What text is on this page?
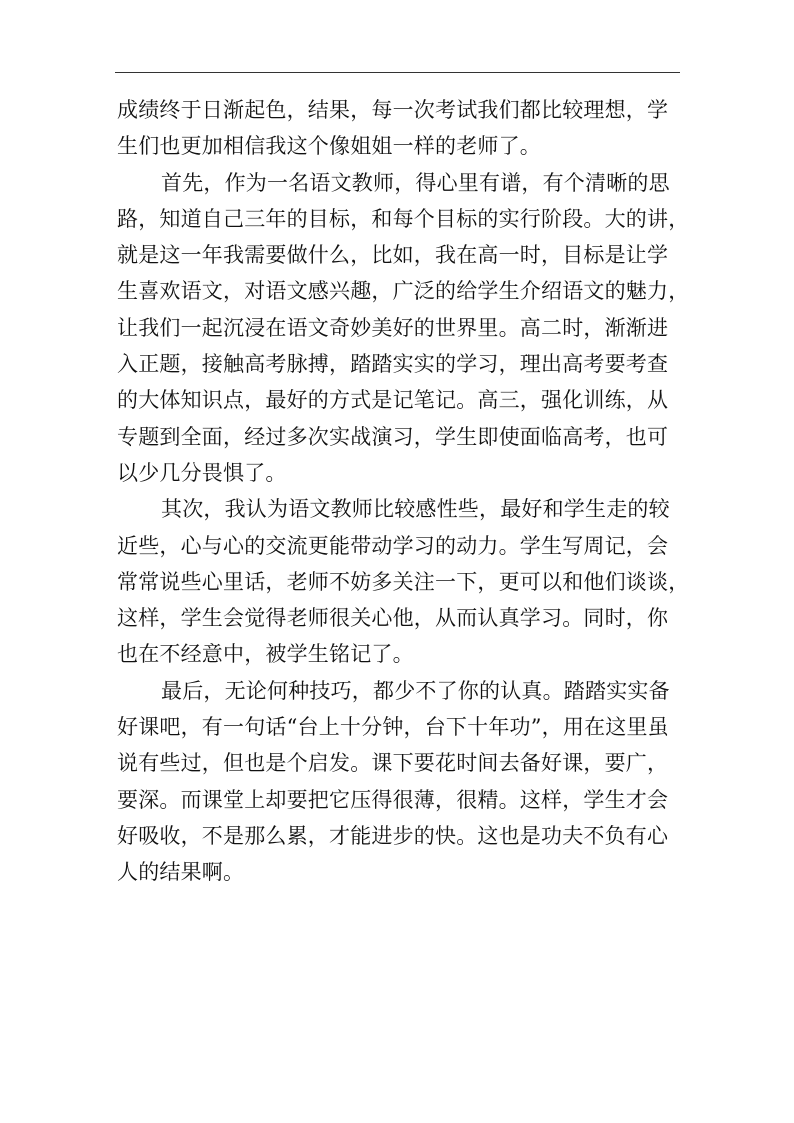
成绩终于日渐起色，结果，每一次考试我们都比较理想，学
生们也更加相信我这个像姐姐一样的老师了。
首先，作为一名语文教师，得心里有谱，有个清晰的思
路，知道自己三年的目标，和每个目标的实行阶段。大的讲，
就是这一年我需要做什么，比如，我在高一时，目标是让学
生喜欢语文，对语文感兴趣，广泛的给学生介绍语文的魅力，
让我们一起沉浸在语文奇妙美好的世界里。高二时，渐渐进
入正题，接触高考脉搏，踏踏实实的学习，理出高考要考查
的大体知识点，最好的方式是记笔记。高三，强化训练，从
专题到全面，经过多次实战演习，学生即使面临高考，也可
以少几分畏惧了。
其次，我认为语文教师比较感性些，最好和学生走的较
近些，心与心的交流更能带动学习的动力。学生写周记，会
常常说些心里话，老师不妨多关注一下，更可以和他们谈谈，
这样，学生会觉得老师很关心他，从而认真学习。同时，你
也在不经意中，被学生铭记了。
最后，无论何种技巧，都少不了你的认真。踏踏实实备
好课吧，有一句话“台上十分钟，台下十年功”，用在这里虽
说有些过，但也是个启发。课下要花时间去备好课，要广，
要深。而课堂上却要把它压得很薄，很精。这样，学生才会
好吸收，不是那么累，才能进步的快。这也是功夫不负有心
人的结果啊。
